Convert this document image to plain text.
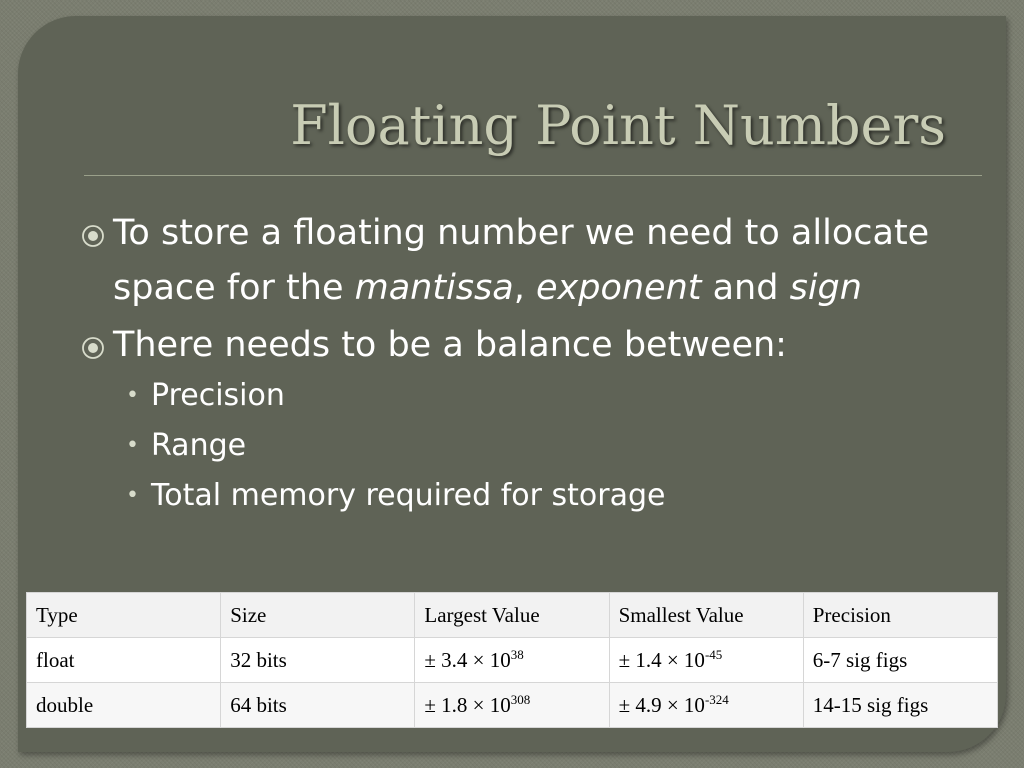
Floating Point Numbers
To store a floating number we need to allocate space for the mantissa, exponent and sign
There needs to be a balance between:
• Precision
• Range
• Total memory required for storage
Type	Size	Largest Value	Smallest Value	Precision
float	32 bits	± $3.4 \times 10^{38}$	± $1.4 \times 10^{-45}$	6-7 sig figs
double	64 bits	± $1.8 \times 10^{308}$	± $4.9 \times 10^{-324}$	14-15 sig figs
